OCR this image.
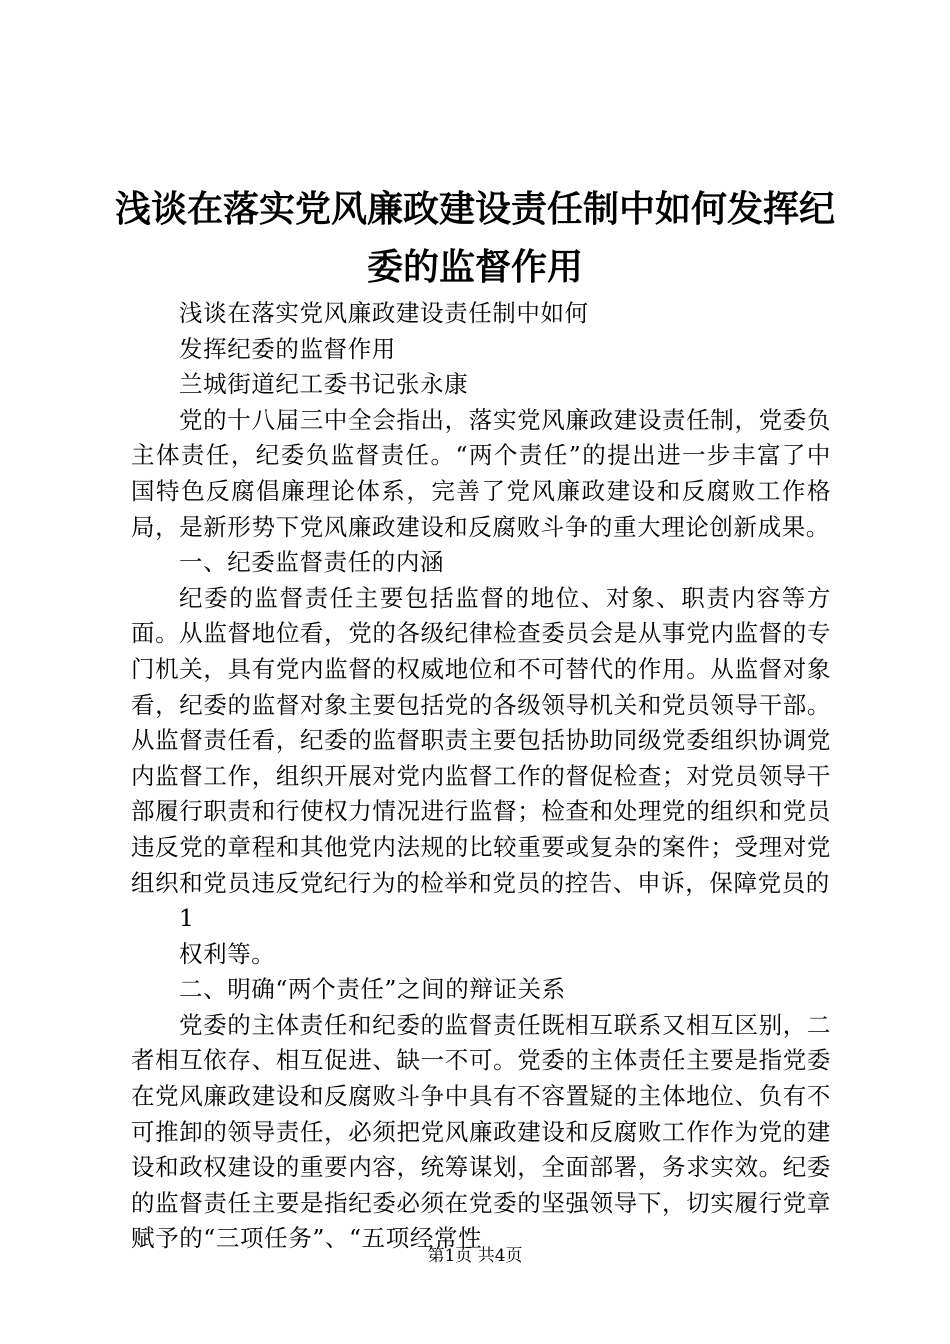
浅谈在落实党风廉政建设责任制中如何发挥纪
委的监督作用

浅谈在落实党风廉政建设责任制中如何

发挥纪委的监督作用

兰城街道纪工委书记张永康

党的十八届三中全会指出，落实党风廉政建设责任制，党委负主体责任，纪委负监督责任。“两个责任”的提出进一步丰富了中国特色反腐倡廉理论体系，完善了党风廉政建设和反腐败工作格局，是新形势下党风廉政建设和反腐败斗争的重大理论创新成果。

一、纪委监督责任的内涵

纪委的监督责任主要包括监督的地位、对象、职责内容等方面。从监督地位看，党的各级纪律检查委员会是从事党内监督的专门机关，具有党内监督的权威地位和不可替代的作用。从监督对象看，纪委的监督对象主要包括党的各级领导机关和党员领导干部。从监督责任看，纪委的监督职责主要包括协助同级党委组织协调党内监督工作，组织开展对党内监督工作的督促检查；对党员领导干部履行职责和行使权力情况进行监督；检查和处理党的组织和党员违反党的章程和其他党内法规的比较重要或复杂的案件；受理对党组织和党员违反党纪行为的检举和党员的控告、申诉，保障党员的

1

权利等。

二、明确“两个责任”之间的辩证关系

党委的主体责任和纪委的监督责任既相互联系又相互区别，二者相互依存、相互促进、缺一不可。党委的主体责任主要是指党委在党风廉政建设和反腐败斗争中具有不容置疑的主体地位、负有不可推卸的领导责任，必须把党风廉政建设和反腐败工作作为党的建设和政权建设的重要内容，统筹谋划，全面部署，务求实效。纪委的监督责任主要是指纪委必须在党委的坚强领导下，切实履行党章赋予的“三项任务”、“五项经常性

第1页 共4页
